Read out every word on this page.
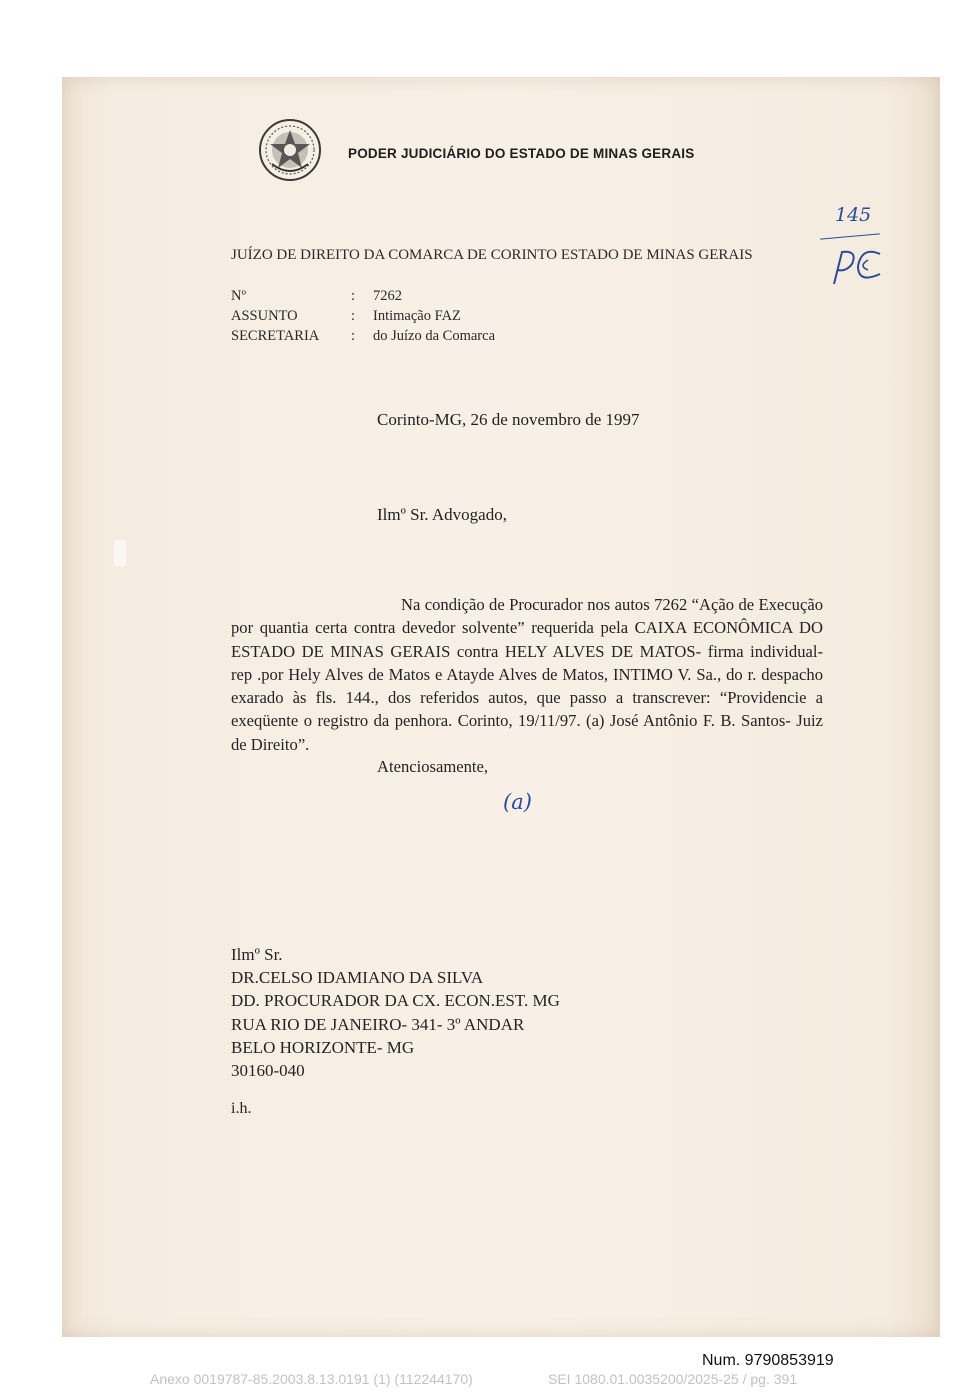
PODER JUDICIÁRIO DO ESTADO DE MINAS GERAIS
145
JUÍZO DE DIREITO DA COMARCA DE CORINTO ESTADO DE MINAS GERAIS
Nº	:	7262
ASSUNTO	:	Intimação FAZ
SECRETARIA	:	do Juízo da Comarca
Corinto-MG, 26 de novembro de 1997
Ilmº Sr. Advogado,
Na condição de Procurador nos autos 7262 “Ação de Execução por quantia certa contra devedor solvente” requerida pela CAIXA ECONÔMICA DO ESTADO DE MINAS GERAIS contra HELY ALVES DE MATOS- firma individual- rep .por Hely Alves de Matos e Atayde Alves de Matos, INTIMO V. Sa., do r. despacho exarado às fls. 144., dos referidos autos, que passo a transcrever: “Providencie a exeqüente o registro da penhora. Corinto, 19/11/97. (a) José Antônio F. B. Santos- Juiz de Direito”.
Atenciosamente,
(a)
Ilmº Sr.
DR.CELSO IDAMIANO DA SILVA
DD. PROCURADOR DA CX. ECON.EST. MG
RUA RIO DE JANEIRO- 341- 3º ANDAR
BELO HORIZONTE- MG
30160-040
i.h.
Num. 9790853919
Anexo 0019787-85.2003.8.13.0191 (1) (112244170)	SEI 1080.01.0035200/2025-25 / pg. 391
